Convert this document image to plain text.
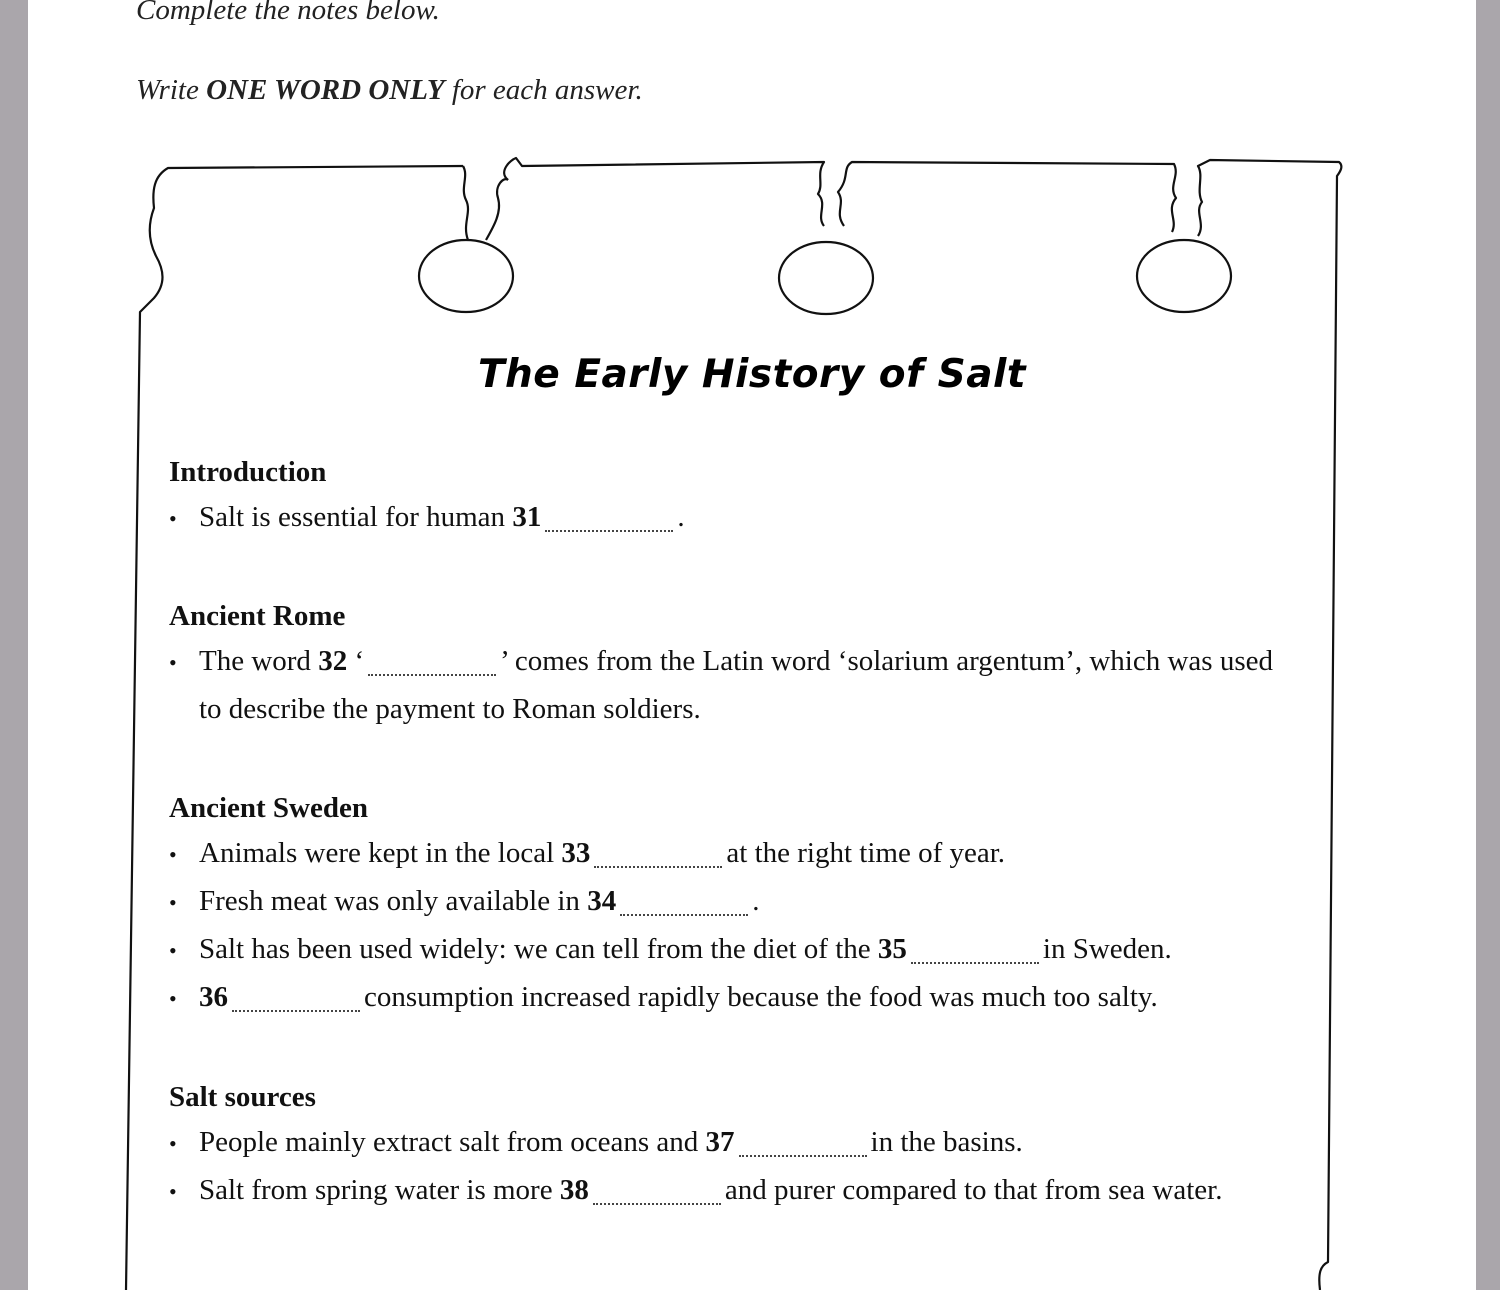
Complete the notes below.
Write ONE WORD ONLY for each answer.
The Early History of Salt
Introduction
•
Salt is essential for human 31	.
Ancient Rome
•
The word 32 ‘	’ comes from the Latin word ‘solarium argentum’, which was used to describe the payment to Roman soldiers.
Ancient Sweden
•
Animals were kept in the local 33	at the right time of year.
•
Fresh meat was only available in 34	.
•
Salt has been used widely: we can tell from the diet of the 35	in Sweden.
•
36	consumption increased rapidly because the food was much too salty.
Salt sources
•
People mainly extract salt from oceans and 37	in the basins.
•
Salt from spring water is more 38	and purer compared to that from sea water.
